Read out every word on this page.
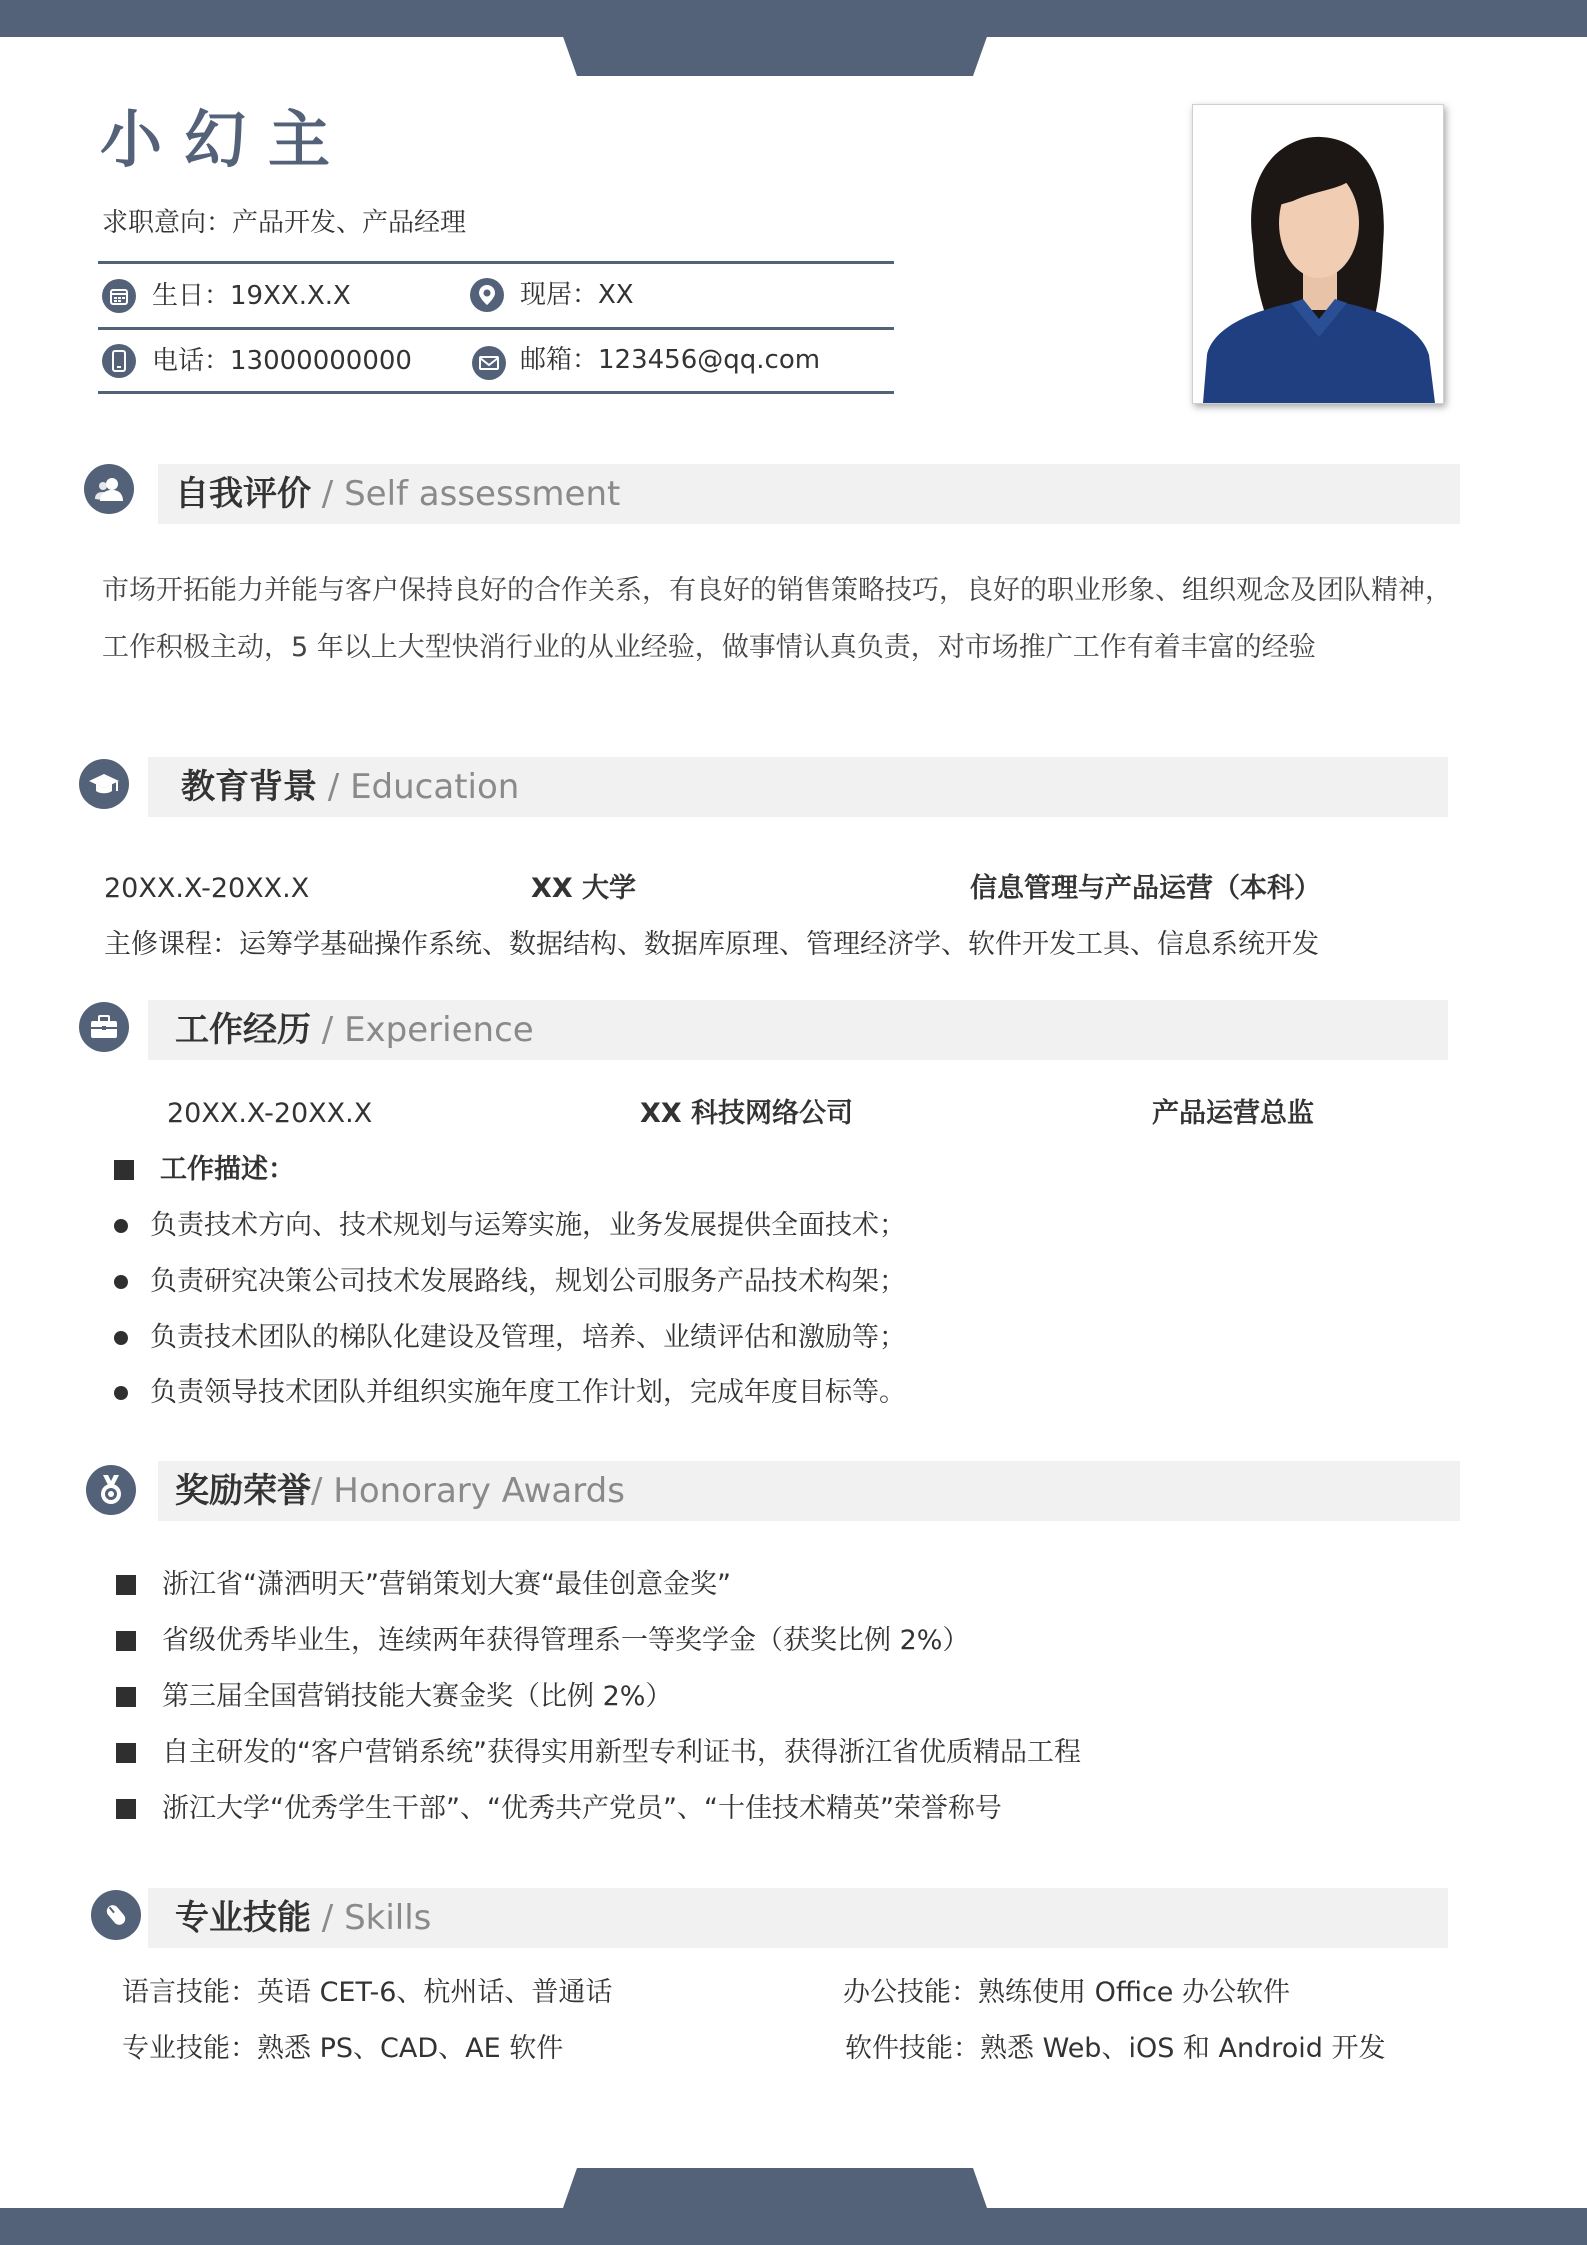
小幻主
求职意向：产品开发、产品经理
生日：19XX.X.X	现居：XX
电话：13000000000	邮箱：123456@qq.com
自我评价 / Self assessment
市场开拓能力并能与客户保持良好的合作关系，有良好的销售策略技巧，良好的职业形象、组织观念及团队精神，工作积极主动，5 年以上大型快消行业的从业经验，做事情认真负责，对市场推广工作有着丰富的经验
教育背景 / Education
20XX.X-20XX.X	XX 大学	信息管理与产品运营（本科）
主修课程：运筹学基础操作系统、数据结构、数据库原理、管理经济学、软件开发工具、信息系统开发
工作经历 / Experience
20XX.X-20XX.X	XX 科技网络公司	产品运营总监
工作描述：
负责技术方向、技术规划与运筹实施，业务发展提供全面技术；
负责研究决策公司技术发展路线，规划公司服务产品技术构架；
负责技术团队的梯队化建设及管理，培养、业绩评估和激励等；
负责领导技术团队并组织实施年度工作计划，完成年度目标等。
奖励荣誉/ Honorary Awards
浙江省“潇洒明天”营销策划大赛“最佳创意金奖”
省级优秀毕业生，连续两年获得管理系一等奖学金（获奖比例 2%）
第三届全国营销技能大赛金奖（比例 2%）
自主研发的“客户营销系统”获得实用新型专利证书，获得浙江省优质精品工程
浙江大学“优秀学生干部”、“优秀共产党员”、“十佳技术精英”荣誉称号
专业技能 / Skills
语言技能：英语 CET-6、杭州话、普通话	办公技能：熟练使用 Office 办公软件
专业技能：熟悉 PS、CAD、AE 软件	软件技能：熟悉 Web、iOS 和 Android 开发
